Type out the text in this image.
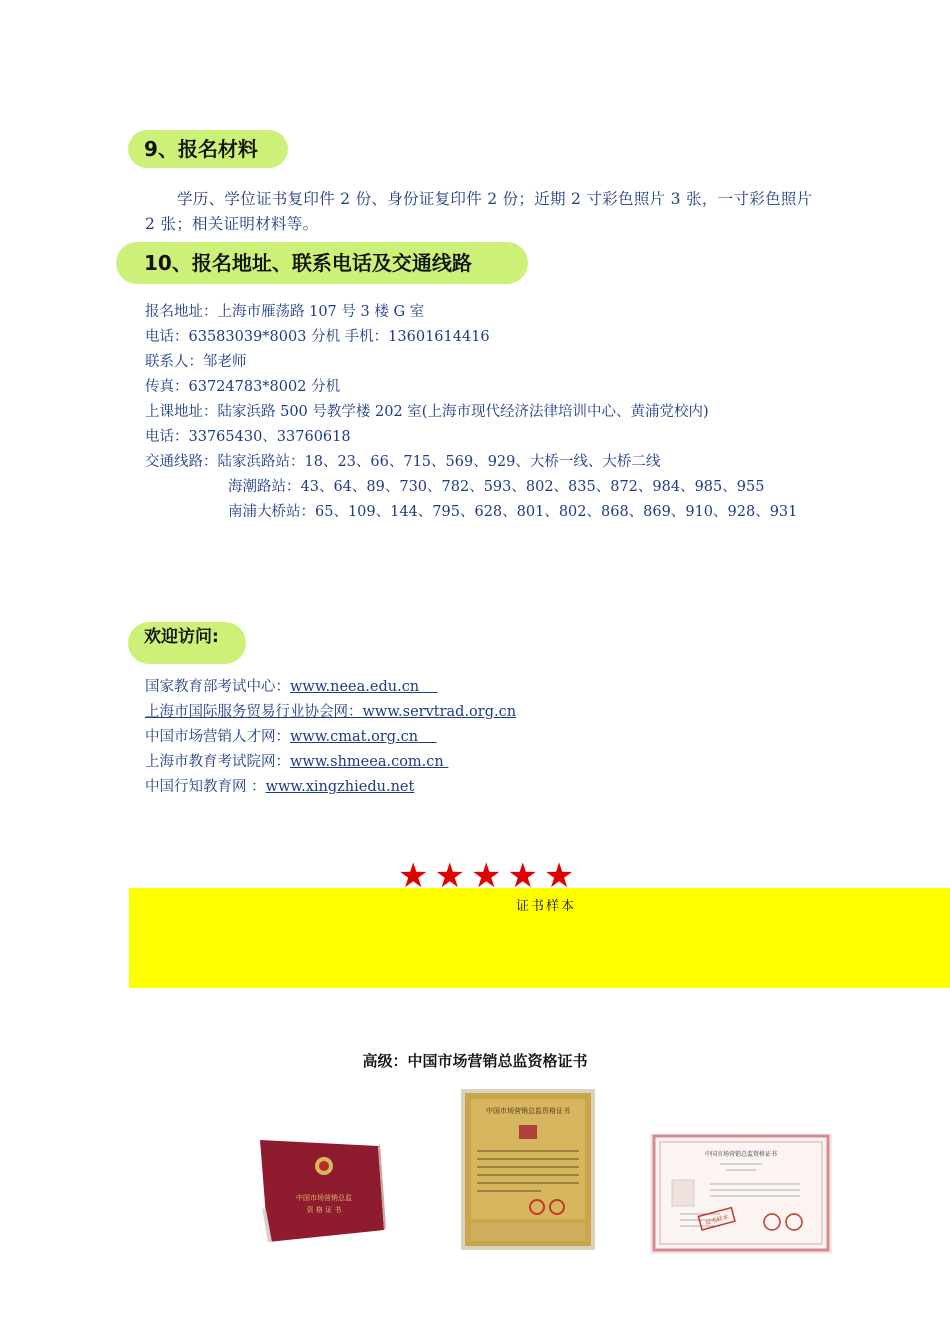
9、报名材料
学历、学位证书复印件 2 份、身份证复印件 2 份；近期 2 寸彩色照片 3 张，一寸彩色照片 2 张；相关证明材料等。
10、报名地址、联系电话及交通线路
报名地址：上海市雁荡路 107 号 3 楼 G 室
电话：63583039*8003 分机 手机：13601614416
联系人：邹老师
传真：63724783*8002 分机
上课地址：陆家浜路 500 号教学楼 202 室(上海市现代经济法律培训中心、黄浦党校内)
电话：33765430、33760618
交通线路：陆家浜路站：18、23、66、715、569、929、大桥一线、大桥二线
海潮路站：43、64、89、730、782、593、802、835、872、984、985、955
南浦大桥站：65、109、144、795、628、801、802、868、869、910、928、931
欢迎访问:
国家教育部考试中心：www.neea.edu.cn
上海市国际服务贸易行业协会网：www.servtrad.org.cn
中国市场营销人才网：www.cmat.org.cn
上海市教育考试院网：www.shmeea.com.cn
中国行知教育网 ：www.xingzhiedu.net
★★★★★
证书样本
高级：中国市场营销总监资格证书
中国市场营销总监
资 格 证 书
中国市场营销总监资格证书
中国市场营销总监资格证书
证书样本
